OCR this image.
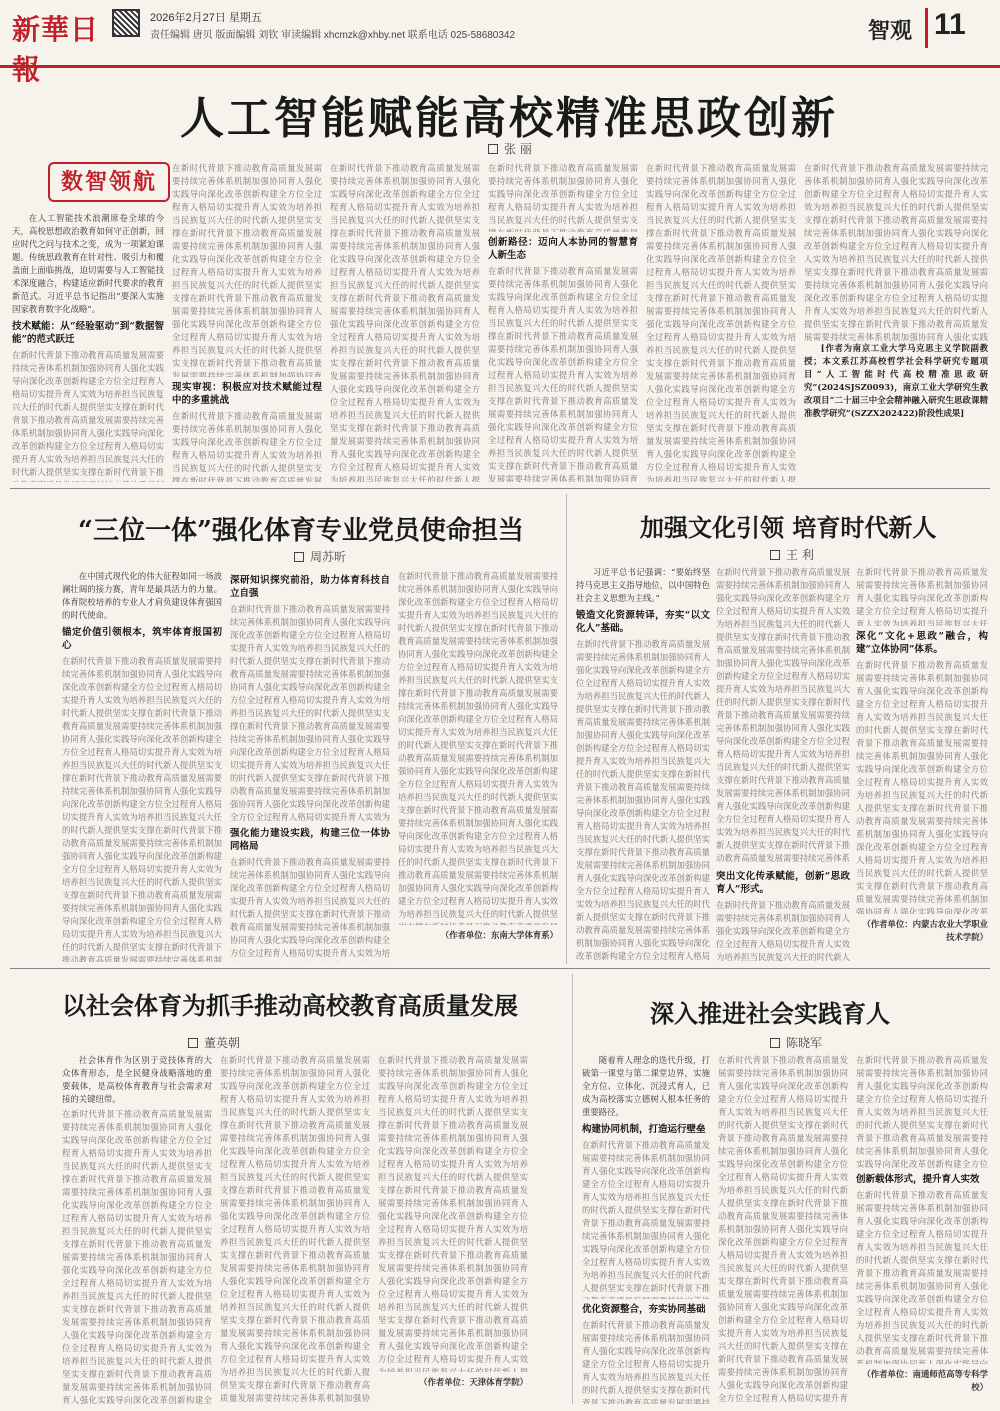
新華日報
2026年2月27日 星期五
责任编辑 唐贝 版面编辑 刘钦 审读编辑 xhcmzk@xhby.net 联系电话 025-58680342	智观 11
人工智能赋能高校精准思政创新
张 丽
数智领航

在人工智能技术浪潮席卷全球的今天，高校思想政治教育如何守正创新，回应时代之问与技术之变，成为一项紧迫课题。传统思政教育在针对性、吸引力和覆盖面上面临挑战，迫切需要与人工智能技术深度融合，构建适应新时代要求的教育新范式。习近平总书记指出“要深入实施国家教育数字化战略”。

技术赋能：从“经验驱动”到“数据智能”的范式跃迁
在新时代背景下推动教育高质量发展需要持续完善体系机制加强协同育人强化实践导向深化改革创新构建全方位全过程育人格局切实提升育人实效为培养担当民族复兴大任的时代新人提供坚实支撑在新时代背景下推动教育高质量发展需要持续完善体系机制加强协同育人强化实践导向深化改革创新构建全方位全过程育人格局切实提升育人实效为培养担当民族复兴大任的时代新人提供坚实支撑在新时代背景下推动教育高质量发展需要持续完善体系机制加强协同育人强化实践导向深化改革创新构建全方位全过程育人格局切实提升育人实效为培养担当民族复兴大任的时代新人提供坚实支撑在新时代背景下推动教育高质量发展需要持续完善体系机制加强协同育人强化实践导向深化改革创新构建全方位全过程育人格局切实提升育人实效为培养担当民族复兴大任的时代新人提供坚实支撑在新时代背景下推动教育高质量发展需要持续完善体系机制加强协同育人强化实践导向深化改革创新构建全方位全过程育人格局切实提升育人实效为培养担当民族复兴大任的时代新人提供坚实支撑在新时代背景下推动教育高质量发展需要持续完善体系机制加强协同育人强化实践导向深化改革创新构建全方位全过程育人格局切实提升育人实效为培养担当民族复兴大任的时代新人提供坚实支撑在新时代背景下推动教育高质量发展需要持续完善体系机制加强协同育人强化实践导向深化改革创新构建全方位全过程育人格局切实提升育人实效为培养担当民族复兴大任的时代新人提供坚实支撑在新时代背景下推动教育高质量发展需要持续完善体系机制加强协同育人强化实践导向深化改革创新构建全方位全过程育人格局切实提升育人实效为培养担当民族复兴大任的时代新人提供坚实支撑在新时代背景下推动教育高质量发展需要持续完善体系机制加强协同育人强化实践导向深化改革创新构建全方位全过程育人格局切实提升育人实效为培养担当民族复兴大任的时代新人提供坚实支撑在新时代背景下推动教育高质量发展需要持续完善体系机制加强协同育人强化实践导向深化改革创新构建全方位全过程育人格局切实提升育人实效为培养担当民族复兴大任的时代新人提供坚实支撑
在新时代背景下推动教育高质量发展需要持续完善体系机制加强协同育人强化实践导向深化改革创新构建全方位全过程育人格局切实提升育人实效为培养担当民族复兴大任的时代新人提供坚实支撑在新时代背景下推动教育高质量发展需要持续完善体系机制加强协同育人强化实践导向深化改革创新构建全方位全过程育人格局切实提升育人实效为培养担当民族复兴大任的时代新人提供坚实支撑在新时代背景下推动教育高质量发展需要持续完善体系机制加强协同育人强化实践导向深化改革创新构建全方位全过程育人格局切实提升育人实效为培养担当民族复兴大任的时代新人提供坚实支撑在新时代背景下推动教育高质量发展需要持续完善体系机制加强协同育人强化实践导向深化改革创新构建全方位全过程育人格局切实提升育人实效为培养担当民族复兴大任的时代新人提供坚实支撑在新时代背景下推动教育高质量发展需要持续完善体系机制加强协同育人强化实践导向深化改革创新构建全方位全过程育人格局切实提升育人实效为培养担当民族复兴大任的时代新人提供坚实支撑在新时代背景下推动教育高质量发展需要持续完善体系机制加强协同育人强化实践导向深化改革创新构建全方位全过程育人格局切实提升育人实效为培养担当民族复兴大任的时代新人提供坚实支撑在新时代背景下推动教育高质量发展需要持续完善体系机制加强协同育人强化实践导向深化改革创新构建全方位全过程育人格局切实提升育人实效为培养担当民族复兴大任的时代新人提供坚实支撑在新时代背景下推动教育高质量发展需要持续完善体系机制加强协同育人强化实践导向深化改革创新构建全方位全过程育人格局切实提升育人实效为培养担当民族复兴大任的时代新人提供坚实支撑在新时代背景下推动教育高质量发展需要持续完善体系机制加强协同育人强化实践导向深化改革创新构建全方位全过程育人格局切实提升育人实效为培养担当民族复兴大任的时代新人提供坚实支撑在新时代背景下推动教育高质量发展需要持续完善体系机制加强协同育人强化实践导向深化改革创新构建全方位全过程育人格局切实提升育人实效为培养担当民族复兴大任的时代新人提供坚实支撑
现实审视：积极应对技术赋能过程中的多重挑战
在新时代背景下推动教育高质量发展需要持续完善体系机制加强协同育人强化实践导向深化改革创新构建全方位全过程育人格局切实提升育人实效为培养担当民族复兴大任的时代新人提供坚实支撑在新时代背景下推动教育高质量发展需要持续完善体系机制加强协同育人强化实践导向深化改革创新构建全方位全过程育人格局切实提升育人实效为培养担当民族复兴大任的时代新人提供坚实支撑在新时代背景下推动教育高质量发展需要持续完善体系机制加强协同育人强化实践导向深化改革创新构建全方位全过程育人格局切实提升育人实效为培养担当民族复兴大任的时代新人提供坚实支撑在新时代背景下推动教育高质量发展需要持续完善体系机制加强协同育人强化实践导向深化改革创新构建全方位全过程育人格局切实提升育人实效为培养担当民族复兴大任的时代新人提供坚实支撑在新时代背景下推动教育高质量发展需要持续完善体系机制加强协同育人强化实践导向深化改革创新构建全方位全过程育人格局切实提升育人实效为培养担当民族复兴大任的时代新人提供坚实支撑在新时代背景下推动教育高质量发展需要持续完善体系机制加强协同育人强化实践导向深化改革创新构建全方位全过程育人格局切实提升育人实效为培养担当民族复兴大任的时代新人提供坚实支撑在新时代背景下推动教育高质量发展需要持续完善体系机制加强协同育人强化实践导向深化改革创新构建全方位全过程育人格局切实提升育人实效为培养担当民族复兴大任的时代新人提供坚实支撑在新时代背景下推动教育高质量发展需要持续完善体系机制加强协同育人强化实践导向深化改革创新构建全方位全过程育人格局切实提升育人实效为培养担当民族复兴大任的时代新人提供坚实支撑在新时代背景下推动教育高质量发展需要持续完善体系机制加强协同育人强化实践导向深化改革创新构建全方位全过程育人格局切实提升育人实效为培养担当民族复兴大任的时代新人提供坚实支撑在新时代背景下推动教育高质量发展需要持续完善体系机制加强协同育人强化实践导向深化改革创新构建全方位全过程育人格局切实提升育人实效为培养担当民族复兴大任的时代新人提供坚实支撑
在新时代背景下推动教育高质量发展需要持续完善体系机制加强协同育人强化实践导向深化改革创新构建全方位全过程育人格局切实提升育人实效为培养担当民族复兴大任的时代新人提供坚实支撑在新时代背景下推动教育高质量发展需要持续完善体系机制加强协同育人强化实践导向深化改革创新构建全方位全过程育人格局切实提升育人实效为培养担当民族复兴大任的时代新人提供坚实支撑在新时代背景下推动教育高质量发展需要持续完善体系机制加强协同育人强化实践导向深化改革创新构建全方位全过程育人格局切实提升育人实效为培养担当民族复兴大任的时代新人提供坚实支撑在新时代背景下推动教育高质量发展需要持续完善体系机制加强协同育人强化实践导向深化改革创新构建全方位全过程育人格局切实提升育人实效为培养担当民族复兴大任的时代新人提供坚实支撑在新时代背景下推动教育高质量发展需要持续完善体系机制加强协同育人强化实践导向深化改革创新构建全方位全过程育人格局切实提升育人实效为培养担当民族复兴大任的时代新人提供坚实支撑在新时代背景下推动教育高质量发展需要持续完善体系机制加强协同育人强化实践导向深化改革创新构建全方位全过程育人格局切实提升育人实效为培养担当民族复兴大任的时代新人提供坚实支撑在新时代背景下推动教育高质量发展需要持续完善体系机制加强协同育人强化实践导向深化改革创新构建全方位全过程育人格局切实提升育人实效为培养担当民族复兴大任的时代新人提供坚实支撑在新时代背景下推动教育高质量发展需要持续完善体系机制加强协同育人强化实践导向深化改革创新构建全方位全过程育人格局切实提升育人实效为培养担当民族复兴大任的时代新人提供坚实支撑在新时代背景下推动教育高质量发展需要持续完善体系机制加强协同育人强化实践导向深化改革创新构建全方位全过程育人格局切实提升育人实效为培养担当民族复兴大任的时代新人提供坚实支撑在新时代背景下推动教育高质量发展需要持续完善体系机制加强协同育人强化实践导向深化改革创新构建全方位全过程育人格局切实提升育人实效为培养担当民族复兴大任的时代新人提供坚实支撑
在新时代背景下推动教育高质量发展需要持续完善体系机制加强协同育人强化实践导向深化改革创新构建全方位全过程育人格局切实提升育人实效为培养担当民族复兴大任的时代新人提供坚实支撑在新时代背景下推动教育高质量发展需要持续完善体系机制加强协同育人强化实践导向深化改革创新构建全方位全过程育人格局切实提升育人实效为培养担当民族复兴大任的时代新人提供坚实支撑在新时代背景下推动教育高质量发展需要持续完善体系机制加强协同育人强化实践导向深化改革创新构建全方位全过程育人格局切实提升育人实效为培养担当民族复兴大任的时代新人提供坚实支撑在新时代背景下推动教育高质量发展需要持续完善体系机制加强协同育人强化实践导向深化改革创新构建全方位全过程育人格局切实提升育人实效为培养担当民族复兴大任的时代新人提供坚实支撑在新时代背景下推动教育高质量发展需要持续完善体系机制加强协同育人强化实践导向深化改革创新构建全方位全过程育人格局切实提升育人实效为培养担当民族复兴大任的时代新人提供坚实支撑在新时代背景下推动教育高质量发展需要持续完善体系机制加强协同育人强化实践导向深化改革创新构建全方位全过程育人格局切实提升育人实效为培养担当民族复兴大任的时代新人提供坚实支撑在新时代背景下推动教育高质量发展需要持续完善体系机制加强协同育人强化实践导向深化改革创新构建全方位全过程育人格局切实提升育人实效为培养担当民族复兴大任的时代新人提供坚实支撑在新时代背景下推动教育高质量发展需要持续完善体系机制加强协同育人强化实践导向深化改革创新构建全方位全过程育人格局切实提升育人实效为培养担当民族复兴大任的时代新人提供坚实支撑在新时代背景下推动教育高质量发展需要持续完善体系机制加强协同育人强化实践导向深化改革创新构建全方位全过程育人格局切实提升育人实效为培养担当民族复兴大任的时代新人提供坚实支撑在新时代背景下推动教育高质量发展需要持续完善体系机制加强协同育人强化实践导向深化改革创新构建全方位全过程育人格局切实提升育人实效为培养担当民族复兴大任的时代新人提供坚实支撑
创新路径：迈向人本协同的智慧育人新生态
在新时代背景下推动教育高质量发展需要持续完善体系机制加强协同育人强化实践导向深化改革创新构建全方位全过程育人格局切实提升育人实效为培养担当民族复兴大任的时代新人提供坚实支撑在新时代背景下推动教育高质量发展需要持续完善体系机制加强协同育人强化实践导向深化改革创新构建全方位全过程育人格局切实提升育人实效为培养担当民族复兴大任的时代新人提供坚实支撑在新时代背景下推动教育高质量发展需要持续完善体系机制加强协同育人强化实践导向深化改革创新构建全方位全过程育人格局切实提升育人实效为培养担当民族复兴大任的时代新人提供坚实支撑在新时代背景下推动教育高质量发展需要持续完善体系机制加强协同育人强化实践导向深化改革创新构建全方位全过程育人格局切实提升育人实效为培养担当民族复兴大任的时代新人提供坚实支撑在新时代背景下推动教育高质量发展需要持续完善体系机制加强协同育人强化实践导向深化改革创新构建全方位全过程育人格局切实提升育人实效为培养担当民族复兴大任的时代新人提供坚实支撑在新时代背景下推动教育高质量发展需要持续完善体系机制加强协同育人强化实践导向深化改革创新构建全方位全过程育人格局切实提升育人实效为培养担当民族复兴大任的时代新人提供坚实支撑在新时代背景下推动教育高质量发展需要持续完善体系机制加强协同育人强化实践导向深化改革创新构建全方位全过程育人格局切实提升育人实效为培养担当民族复兴大任的时代新人提供坚实支撑在新时代背景下推动教育高质量发展需要持续完善体系机制加强协同育人强化实践导向深化改革创新构建全方位全过程育人格局切实提升育人实效为培养担当民族复兴大任的时代新人提供坚实支撑在新时代背景下推动教育高质量发展需要持续完善体系机制加强协同育人强化实践导向深化改革创新构建全方位全过程育人格局切实提升育人实效为培养担当民族复兴大任的时代新人提供坚实支撑在新时代背景下推动教育高质量发展需要持续完善体系机制加强协同育人强化实践导向深化改革创新构建全方位全过程育人格局切实提升育人实效为培养担当民族复兴大任的时代新人提供坚实支撑
在新时代背景下推动教育高质量发展需要持续完善体系机制加强协同育人强化实践导向深化改革创新构建全方位全过程育人格局切实提升育人实效为培养担当民族复兴大任的时代新人提供坚实支撑在新时代背景下推动教育高质量发展需要持续完善体系机制加强协同育人强化实践导向深化改革创新构建全方位全过程育人格局切实提升育人实效为培养担当民族复兴大任的时代新人提供坚实支撑在新时代背景下推动教育高质量发展需要持续完善体系机制加强协同育人强化实践导向深化改革创新构建全方位全过程育人格局切实提升育人实效为培养担当民族复兴大任的时代新人提供坚实支撑在新时代背景下推动教育高质量发展需要持续完善体系机制加强协同育人强化实践导向深化改革创新构建全方位全过程育人格局切实提升育人实效为培养担当民族复兴大任的时代新人提供坚实支撑在新时代背景下推动教育高质量发展需要持续完善体系机制加强协同育人强化实践导向深化改革创新构建全方位全过程育人格局切实提升育人实效为培养担当民族复兴大任的时代新人提供坚实支撑在新时代背景下推动教育高质量发展需要持续完善体系机制加强协同育人强化实践导向深化改革创新构建全方位全过程育人格局切实提升育人实效为培养担当民族复兴大任的时代新人提供坚实支撑在新时代背景下推动教育高质量发展需要持续完善体系机制加强协同育人强化实践导向深化改革创新构建全方位全过程育人格局切实提升育人实效为培养担当民族复兴大任的时代新人提供坚实支撑在新时代背景下推动教育高质量发展需要持续完善体系机制加强协同育人强化实践导向深化改革创新构建全方位全过程育人格局切实提升育人实效为培养担当民族复兴大任的时代新人提供坚实支撑在新时代背景下推动教育高质量发展需要持续完善体系机制加强协同育人强化实践导向深化改革创新构建全方位全过程育人格局切实提升育人实效为培养担当民族复兴大任的时代新人提供坚实支撑在新时代背景下推动教育高质量发展需要持续完善体系机制加强协同育人强化实践导向深化改革创新构建全方位全过程育人格局切实提升育人实效为培养担当民族复兴大任的时代新人提供坚实支撑
在新时代背景下推动教育高质量发展需要持续完善体系机制加强协同育人强化实践导向深化改革创新构建全方位全过程育人格局切实提升育人实效为培养担当民族复兴大任的时代新人提供坚实支撑在新时代背景下推动教育高质量发展需要持续完善体系机制加强协同育人强化实践导向深化改革创新构建全方位全过程育人格局切实提升育人实效为培养担当民族复兴大任的时代新人提供坚实支撑在新时代背景下推动教育高质量发展需要持续完善体系机制加强协同育人强化实践导向深化改革创新构建全方位全过程育人格局切实提升育人实效为培养担当民族复兴大任的时代新人提供坚实支撑在新时代背景下推动教育高质量发展需要持续完善体系机制加强协同育人强化实践导向深化改革创新构建全方位全过程育人格局切实提升育人实效为培养担当民族复兴大任的时代新人提供坚实支撑在新时代背景下推动教育高质量发展需要持续完善体系机制加强协同育人强化实践导向深化改革创新构建全方位全过程育人格局切实提升育人实效为培养担当民族复兴大任的时代新人提供坚实支撑在新时代背景下推动教育高质量发展需要持续完善体系机制加强协同育人强化实践导向深化改革创新构建全方位全过程育人格局切实提升育人实效为培养担当民族复兴大任的时代新人提供坚实支撑在新时代背景下推动教育高质量发展需要持续完善体系机制加强协同育人强化实践导向深化改革创新构建全方位全过程育人格局切实提升育人实效为培养担当民族复兴大任的时代新人提供坚实支撑在新时代背景下推动教育高质量发展需要持续完善体系机制加强协同育人强化实践导向深化改革创新构建全方位全过程育人格局切实提升育人实效为培养担当民族复兴大任的时代新人提供坚实支撑在新时代背景下推动教育高质量发展需要持续完善体系机制加强协同育人强化实践导向深化改革创新构建全方位全过程育人格局切实提升育人实效为培养担当民族复兴大任的时代新人提供坚实支撑在新时代背景下推动教育高质量发展需要持续完善体系机制加强协同育人强化实践导向深化改革创新构建全方位全过程育人格局切实提升育人实效为培养担当民族复兴大任的时代新人提供坚实支撑

[作者为南京工业大学马克思主义学院副教授；本文系江苏高校哲学社会科学研究专题项目“人工智能时代高校精准思政研究”(2024SJSZ0093)，南京工业大学研究生教改项目“二十届三中全会精神融入研究生思政课精准教学研究”(SZZX202422)阶段性成果]

“三位一体”强化体育专业党员使命担当
周苏昕

在中国式现代化的伟大征程如同一场波澜壮阔的接力赛，青年是最具活力的力量。体育院校培养的专业人才肩负建设体育强国的时代使命。

锚定价值引领根本，筑牢体育报国初心
在新时代背景下推动教育高质量发展需要持续完善体系机制加强协同育人强化实践导向深化改革创新构建全方位全过程育人格局切实提升育人实效为培养担当民族复兴大任的时代新人提供坚实支撑在新时代背景下推动教育高质量发展需要持续完善体系机制加强协同育人强化实践导向深化改革创新构建全方位全过程育人格局切实提升育人实效为培养担当民族复兴大任的时代新人提供坚实支撑在新时代背景下推动教育高质量发展需要持续完善体系机制加强协同育人强化实践导向深化改革创新构建全方位全过程育人格局切实提升育人实效为培养担当民族复兴大任的时代新人提供坚实支撑在新时代背景下推动教育高质量发展需要持续完善体系机制加强协同育人强化实践导向深化改革创新构建全方位全过程育人格局切实提升育人实效为培养担当民族复兴大任的时代新人提供坚实支撑在新时代背景下推动教育高质量发展需要持续完善体系机制加强协同育人强化实践导向深化改革创新构建全方位全过程育人格局切实提升育人实效为培养担当民族复兴大任的时代新人提供坚实支撑在新时代背景下推动教育高质量发展需要持续完善体系机制加强协同育人强化实践导向深化改革创新构建全方位全过程育人格局切实提升育人实效为培养担当民族复兴大任的时代新人提供坚实支撑在新时代背景下推动教育高质量发展需要持续完善体系机制加强协同育人强化实践导向深化改革创新构建全方位全过程育人格局切实提升育人实效为培养担当民族复兴大任的时代新人提供坚实支撑在新时代背景下推动教育高质量发展需要持续完善体系机制加强协同育人强化实践导向深化改革创新构建全方位全过程育人格局切实提升育人实效为培养担当民族复兴大任的时代新人提供坚实支撑在新时代背景下推动教育高质量发展需要持续完善体系机制加强协同育人强化实践导向深化改革创新构建全方位全过程育人格局切实提升育人实效为培养担当民族复兴大任的时代新人提供坚实支撑在新时代背景下推动教育高质量发展需要持续完善体系机制加强协同育人强化实践导向深化改革创新构建全方位全过程育人格局切实提升育人实效为培养担当民族复兴大任的时代新人提供坚实支撑
深研知识探究前沿，助力体育科技自立自强
在新时代背景下推动教育高质量发展需要持续完善体系机制加强协同育人强化实践导向深化改革创新构建全方位全过程育人格局切实提升育人实效为培养担当民族复兴大任的时代新人提供坚实支撑在新时代背景下推动教育高质量发展需要持续完善体系机制加强协同育人强化实践导向深化改革创新构建全方位全过程育人格局切实提升育人实效为培养担当民族复兴大任的时代新人提供坚实支撑在新时代背景下推动教育高质量发展需要持续完善体系机制加强协同育人强化实践导向深化改革创新构建全方位全过程育人格局切实提升育人实效为培养担当民族复兴大任的时代新人提供坚实支撑在新时代背景下推动教育高质量发展需要持续完善体系机制加强协同育人强化实践导向深化改革创新构建全方位全过程育人格局切实提升育人实效为培养担当民族复兴大任的时代新人提供坚实支撑在新时代背景下推动教育高质量发展需要持续完善体系机制加强协同育人强化实践导向深化改革创新构建全方位全过程育人格局切实提升育人实效为培养担当民族复兴大任的时代新人提供坚实支撑在新时代背景下推动教育高质量发展需要持续完善体系机制加强协同育人强化实践导向深化改革创新构建全方位全过程育人格局切实提升育人实效为培养担当民族复兴大任的时代新人提供坚实支撑在新时代背景下推动教育高质量发展需要持续完善体系机制加强协同育人强化实践导向深化改革创新构建全方位全过程育人格局切实提升育人实效为培养担当民族复兴大任的时代新人提供坚实支撑在新时代背景下推动教育高质量发展需要持续完善体系机制加强协同育人强化实践导向深化改革创新构建全方位全过程育人格局切实提升育人实效为培养担当民族复兴大任的时代新人提供坚实支撑在新时代背景下推动教育高质量发展需要持续完善体系机制加强协同育人强化实践导向深化改革创新构建全方位全过程育人格局切实提升育人实效为培养担当民族复兴大任的时代新人提供坚实支撑在新时代背景下推动教育高质量发展需要持续完善体系机制加强协同育人强化实践导向深化改革创新构建全方位全过程育人格局切实提升育人实效为培养担当民族复兴大任的时代新人提供坚实支撑
强化能力建设实践，构建三位一体协同格局
在新时代背景下推动教育高质量发展需要持续完善体系机制加强协同育人强化实践导向深化改革创新构建全方位全过程育人格局切实提升育人实效为培养担当民族复兴大任的时代新人提供坚实支撑在新时代背景下推动教育高质量发展需要持续完善体系机制加强协同育人强化实践导向深化改革创新构建全方位全过程育人格局切实提升育人实效为培养担当民族复兴大任的时代新人提供坚实支撑在新时代背景下推动教育高质量发展需要持续完善体系机制加强协同育人强化实践导向深化改革创新构建全方位全过程育人格局切实提升育人实效为培养担当民族复兴大任的时代新人提供坚实支撑在新时代背景下推动教育高质量发展需要持续完善体系机制加强协同育人强化实践导向深化改革创新构建全方位全过程育人格局切实提升育人实效为培养担当民族复兴大任的时代新人提供坚实支撑在新时代背景下推动教育高质量发展需要持续完善体系机制加强协同育人强化实践导向深化改革创新构建全方位全过程育人格局切实提升育人实效为培养担当民族复兴大任的时代新人提供坚实支撑在新时代背景下推动教育高质量发展需要持续完善体系机制加强协同育人强化实践导向深化改革创新构建全方位全过程育人格局切实提升育人实效为培养担当民族复兴大任的时代新人提供坚实支撑在新时代背景下推动教育高质量发展需要持续完善体系机制加强协同育人强化实践导向深化改革创新构建全方位全过程育人格局切实提升育人实效为培养担当民族复兴大任的时代新人提供坚实支撑在新时代背景下推动教育高质量发展需要持续完善体系机制加强协同育人强化实践导向深化改革创新构建全方位全过程育人格局切实提升育人实效为培养担当民族复兴大任的时代新人提供坚实支撑在新时代背景下推动教育高质量发展需要持续完善体系机制加强协同育人强化实践导向深化改革创新构建全方位全过程育人格局切实提升育人实效为培养担当民族复兴大任的时代新人提供坚实支撑在新时代背景下推动教育高质量发展需要持续完善体系机制加强协同育人强化实践导向深化改革创新构建全方位全过程育人格局切实提升育人实效为培养担当民族复兴大任的时代新人提供坚实支撑
在新时代背景下推动教育高质量发展需要持续完善体系机制加强协同育人强化实践导向深化改革创新构建全方位全过程育人格局切实提升育人实效为培养担当民族复兴大任的时代新人提供坚实支撑在新时代背景下推动教育高质量发展需要持续完善体系机制加强协同育人强化实践导向深化改革创新构建全方位全过程育人格局切实提升育人实效为培养担当民族复兴大任的时代新人提供坚实支撑在新时代背景下推动教育高质量发展需要持续完善体系机制加强协同育人强化实践导向深化改革创新构建全方位全过程育人格局切实提升育人实效为培养担当民族复兴大任的时代新人提供坚实支撑在新时代背景下推动教育高质量发展需要持续完善体系机制加强协同育人强化实践导向深化改革创新构建全方位全过程育人格局切实提升育人实效为培养担当民族复兴大任的时代新人提供坚实支撑在新时代背景下推动教育高质量发展需要持续完善体系机制加强协同育人强化实践导向深化改革创新构建全方位全过程育人格局切实提升育人实效为培养担当民族复兴大任的时代新人提供坚实支撑在新时代背景下推动教育高质量发展需要持续完善体系机制加强协同育人强化实践导向深化改革创新构建全方位全过程育人格局切实提升育人实效为培养担当民族复兴大任的时代新人提供坚实支撑在新时代背景下推动教育高质量发展需要持续完善体系机制加强协同育人强化实践导向深化改革创新构建全方位全过程育人格局切实提升育人实效为培养担当民族复兴大任的时代新人提供坚实支撑在新时代背景下推动教育高质量发展需要持续完善体系机制加强协同育人强化实践导向深化改革创新构建全方位全过程育人格局切实提升育人实效为培养担当民族复兴大任的时代新人提供坚实支撑在新时代背景下推动教育高质量发展需要持续完善体系机制加强协同育人强化实践导向深化改革创新构建全方位全过程育人格局切实提升育人实效为培养担当民族复兴大任的时代新人提供坚实支撑在新时代背景下推动教育高质量发展需要持续完善体系机制加强协同育人强化实践导向深化改革创新构建全方位全过程育人格局切实提升育人实效为培养担当民族复兴大任的时代新人提供坚实支撑

（作者单位：东南大学体育系）

加强文化引领 培育时代新人
王 利

习近平总书记强调：“要始终坚持马克思主义指导地位，以中国特色社会主义思想为主线。”

锻造文化资源转译，夯实“以文化人”基础。
在新时代背景下推动教育高质量发展需要持续完善体系机制加强协同育人强化实践导向深化改革创新构建全方位全过程育人格局切实提升育人实效为培养担当民族复兴大任的时代新人提供坚实支撑在新时代背景下推动教育高质量发展需要持续完善体系机制加强协同育人强化实践导向深化改革创新构建全方位全过程育人格局切实提升育人实效为培养担当民族复兴大任的时代新人提供坚实支撑在新时代背景下推动教育高质量发展需要持续完善体系机制加强协同育人强化实践导向深化改革创新构建全方位全过程育人格局切实提升育人实效为培养担当民族复兴大任的时代新人提供坚实支撑在新时代背景下推动教育高质量发展需要持续完善体系机制加强协同育人强化实践导向深化改革创新构建全方位全过程育人格局切实提升育人实效为培养担当民族复兴大任的时代新人提供坚实支撑在新时代背景下推动教育高质量发展需要持续完善体系机制加强协同育人强化实践导向深化改革创新构建全方位全过程育人格局切实提升育人实效为培养担当民族复兴大任的时代新人提供坚实支撑在新时代背景下推动教育高质量发展需要持续完善体系机制加强协同育人强化实践导向深化改革创新构建全方位全过程育人格局切实提升育人实效为培养担当民族复兴大任的时代新人提供坚实支撑在新时代背景下推动教育高质量发展需要持续完善体系机制加强协同育人强化实践导向深化改革创新构建全方位全过程育人格局切实提升育人实效为培养担当民族复兴大任的时代新人提供坚实支撑在新时代背景下推动教育高质量发展需要持续完善体系机制加强协同育人强化实践导向深化改革创新构建全方位全过程育人格局切实提升育人实效为培养担当民族复兴大任的时代新人提供坚实支撑在新时代背景下推动教育高质量发展需要持续完善体系机制加强协同育人强化实践导向深化改革创新构建全方位全过程育人格局切实提升育人实效为培养担当民族复兴大任的时代新人提供坚实支撑在新时代背景下推动教育高质量发展需要持续完善体系机制加强协同育人强化实践导向深化改革创新构建全方位全过程育人格局切实提升育人实效为培养担当民族复兴大任的时代新人提供坚实支撑
在新时代背景下推动教育高质量发展需要持续完善体系机制加强协同育人强化实践导向深化改革创新构建全方位全过程育人格局切实提升育人实效为培养担当民族复兴大任的时代新人提供坚实支撑在新时代背景下推动教育高质量发展需要持续完善体系机制加强协同育人强化实践导向深化改革创新构建全方位全过程育人格局切实提升育人实效为培养担当民族复兴大任的时代新人提供坚实支撑在新时代背景下推动教育高质量发展需要持续完善体系机制加强协同育人强化实践导向深化改革创新构建全方位全过程育人格局切实提升育人实效为培养担当民族复兴大任的时代新人提供坚实支撑在新时代背景下推动教育高质量发展需要持续完善体系机制加强协同育人强化实践导向深化改革创新构建全方位全过程育人格局切实提升育人实效为培养担当民族复兴大任的时代新人提供坚实支撑在新时代背景下推动教育高质量发展需要持续完善体系机制加强协同育人强化实践导向深化改革创新构建全方位全过程育人格局切实提升育人实效为培养担当民族复兴大任的时代新人提供坚实支撑在新时代背景下推动教育高质量发展需要持续完善体系机制加强协同育人强化实践导向深化改革创新构建全方位全过程育人格局切实提升育人实效为培养担当民族复兴大任的时代新人提供坚实支撑在新时代背景下推动教育高质量发展需要持续完善体系机制加强协同育人强化实践导向深化改革创新构建全方位全过程育人格局切实提升育人实效为培养担当民族复兴大任的时代新人提供坚实支撑在新时代背景下推动教育高质量发展需要持续完善体系机制加强协同育人强化实践导向深化改革创新构建全方位全过程育人格局切实提升育人实效为培养担当民族复兴大任的时代新人提供坚实支撑在新时代背景下推动教育高质量发展需要持续完善体系机制加强协同育人强化实践导向深化改革创新构建全方位全过程育人格局切实提升育人实效为培养担当民族复兴大任的时代新人提供坚实支撑在新时代背景下推动教育高质量发展需要持续完善体系机制加强协同育人强化实践导向深化改革创新构建全方位全过程育人格局切实提升育人实效为培养担当民族复兴大任的时代新人提供坚实支撑
突出文化传承赋能，创新“思政育人”形式。
在新时代背景下推动教育高质量发展需要持续完善体系机制加强协同育人强化实践导向深化改革创新构建全方位全过程育人格局切实提升育人实效为培养担当民族复兴大任的时代新人提供坚实支撑在新时代背景下推动教育高质量发展需要持续完善体系机制加强协同育人强化实践导向深化改革创新构建全方位全过程育人格局切实提升育人实效为培养担当民族复兴大任的时代新人提供坚实支撑在新时代背景下推动教育高质量发展需要持续完善体系机制加强协同育人强化实践导向深化改革创新构建全方位全过程育人格局切实提升育人实效为培养担当民族复兴大任的时代新人提供坚实支撑在新时代背景下推动教育高质量发展需要持续完善体系机制加强协同育人强化实践导向深化改革创新构建全方位全过程育人格局切实提升育人实效为培养担当民族复兴大任的时代新人提供坚实支撑在新时代背景下推动教育高质量发展需要持续完善体系机制加强协同育人强化实践导向深化改革创新构建全方位全过程育人格局切实提升育人实效为培养担当民族复兴大任的时代新人提供坚实支撑在新时代背景下推动教育高质量发展需要持续完善体系机制加强协同育人强化实践导向深化改革创新构建全方位全过程育人格局切实提升育人实效为培养担当民族复兴大任的时代新人提供坚实支撑在新时代背景下推动教育高质量发展需要持续完善体系机制加强协同育人强化实践导向深化改革创新构建全方位全过程育人格局切实提升育人实效为培养担当民族复兴大任的时代新人提供坚实支撑在新时代背景下推动教育高质量发展需要持续完善体系机制加强协同育人强化实践导向深化改革创新构建全方位全过程育人格局切实提升育人实效为培养担当民族复兴大任的时代新人提供坚实支撑在新时代背景下推动教育高质量发展需要持续完善体系机制加强协同育人强化实践导向深化改革创新构建全方位全过程育人格局切实提升育人实效为培养担当民族复兴大任的时代新人提供坚实支撑在新时代背景下推动教育高质量发展需要持续完善体系机制加强协同育人强化实践导向深化改革创新构建全方位全过程育人格局切实提升育人实效为培养担当民族复兴大任的时代新人提供坚实支撑
在新时代背景下推动教育高质量发展需要持续完善体系机制加强协同育人强化实践导向深化改革创新构建全方位全过程育人格局切实提升育人实效为培养担当民族复兴大任的时代新人提供坚实支撑在新时代背景下推动教育高质量发展需要持续完善体系机制加强协同育人强化实践导向深化改革创新构建全方位全过程育人格局切实提升育人实效为培养担当民族复兴大任的时代新人提供坚实支撑在新时代背景下推动教育高质量发展需要持续完善体系机制加强协同育人强化实践导向深化改革创新构建全方位全过程育人格局切实提升育人实效为培养担当民族复兴大任的时代新人提供坚实支撑在新时代背景下推动教育高质量发展需要持续完善体系机制加强协同育人强化实践导向深化改革创新构建全方位全过程育人格局切实提升育人实效为培养担当民族复兴大任的时代新人提供坚实支撑在新时代背景下推动教育高质量发展需要持续完善体系机制加强协同育人强化实践导向深化改革创新构建全方位全过程育人格局切实提升育人实效为培养担当民族复兴大任的时代新人提供坚实支撑在新时代背景下推动教育高质量发展需要持续完善体系机制加强协同育人强化实践导向深化改革创新构建全方位全过程育人格局切实提升育人实效为培养担当民族复兴大任的时代新人提供坚实支撑在新时代背景下推动教育高质量发展需要持续完善体系机制加强协同育人强化实践导向深化改革创新构建全方位全过程育人格局切实提升育人实效为培养担当民族复兴大任的时代新人提供坚实支撑在新时代背景下推动教育高质量发展需要持续完善体系机制加强协同育人强化实践导向深化改革创新构建全方位全过程育人格局切实提升育人实效为培养担当民族复兴大任的时代新人提供坚实支撑在新时代背景下推动教育高质量发展需要持续完善体系机制加强协同育人强化实践导向深化改革创新构建全方位全过程育人格局切实提升育人实效为培养担当民族复兴大任的时代新人提供坚实支撑在新时代背景下推动教育高质量发展需要持续完善体系机制加强协同育人强化实践导向深化改革创新构建全方位全过程育人格局切实提升育人实效为培养担当民族复兴大任的时代新人提供坚实支撑
深化“文化+思政”融合，构建“立体协同”体系。
在新时代背景下推动教育高质量发展需要持续完善体系机制加强协同育人强化实践导向深化改革创新构建全方位全过程育人格局切实提升育人实效为培养担当民族复兴大任的时代新人提供坚实支撑在新时代背景下推动教育高质量发展需要持续完善体系机制加强协同育人强化实践导向深化改革创新构建全方位全过程育人格局切实提升育人实效为培养担当民族复兴大任的时代新人提供坚实支撑在新时代背景下推动教育高质量发展需要持续完善体系机制加强协同育人强化实践导向深化改革创新构建全方位全过程育人格局切实提升育人实效为培养担当民族复兴大任的时代新人提供坚实支撑在新时代背景下推动教育高质量发展需要持续完善体系机制加强协同育人强化实践导向深化改革创新构建全方位全过程育人格局切实提升育人实效为培养担当民族复兴大任的时代新人提供坚实支撑在新时代背景下推动教育高质量发展需要持续完善体系机制加强协同育人强化实践导向深化改革创新构建全方位全过程育人格局切实提升育人实效为培养担当民族复兴大任的时代新人提供坚实支撑在新时代背景下推动教育高质量发展需要持续完善体系机制加强协同育人强化实践导向深化改革创新构建全方位全过程育人格局切实提升育人实效为培养担当民族复兴大任的时代新人提供坚实支撑在新时代背景下推动教育高质量发展需要持续完善体系机制加强协同育人强化实践导向深化改革创新构建全方位全过程育人格局切实提升育人实效为培养担当民族复兴大任的时代新人提供坚实支撑在新时代背景下推动教育高质量发展需要持续完善体系机制加强协同育人强化实践导向深化改革创新构建全方位全过程育人格局切实提升育人实效为培养担当民族复兴大任的时代新人提供坚实支撑在新时代背景下推动教育高质量发展需要持续完善体系机制加强协同育人强化实践导向深化改革创新构建全方位全过程育人格局切实提升育人实效为培养担当民族复兴大任的时代新人提供坚实支撑在新时代背景下推动教育高质量发展需要持续完善体系机制加强协同育人强化实践导向深化改革创新构建全方位全过程育人格局切实提升育人实效为培养担当民族复兴大任的时代新人提供坚实支撑

（作者单位：内蒙古农业大学职业技术学院）

以社会体育为抓手推动高校教育高质量发展
董英朝

社会体育作为区别于竞技体育的大众体育形态，是全民健身战略落地的重要载体，是高校体育教育与社会需求对接的关键纽带。

在新时代背景下推动教育高质量发展需要持续完善体系机制加强协同育人强化实践导向深化改革创新构建全方位全过程育人格局切实提升育人实效为培养担当民族复兴大任的时代新人提供坚实支撑在新时代背景下推动教育高质量发展需要持续完善体系机制加强协同育人强化实践导向深化改革创新构建全方位全过程育人格局切实提升育人实效为培养担当民族复兴大任的时代新人提供坚实支撑在新时代背景下推动教育高质量发展需要持续完善体系机制加强协同育人强化实践导向深化改革创新构建全方位全过程育人格局切实提升育人实效为培养担当民族复兴大任的时代新人提供坚实支撑在新时代背景下推动教育高质量发展需要持续完善体系机制加强协同育人强化实践导向深化改革创新构建全方位全过程育人格局切实提升育人实效为培养担当民族复兴大任的时代新人提供坚实支撑在新时代背景下推动教育高质量发展需要持续完善体系机制加强协同育人强化实践导向深化改革创新构建全方位全过程育人格局切实提升育人实效为培养担当民族复兴大任的时代新人提供坚实支撑在新时代背景下推动教育高质量发展需要持续完善体系机制加强协同育人强化实践导向深化改革创新构建全方位全过程育人格局切实提升育人实效为培养担当民族复兴大任的时代新人提供坚实支撑在新时代背景下推动教育高质量发展需要持续完善体系机制加强协同育人强化实践导向深化改革创新构建全方位全过程育人格局切实提升育人实效为培养担当民族复兴大任的时代新人提供坚实支撑在新时代背景下推动教育高质量发展需要持续完善体系机制加强协同育人强化实践导向深化改革创新构建全方位全过程育人格局切实提升育人实效为培养担当民族复兴大任的时代新人提供坚实支撑在新时代背景下推动教育高质量发展需要持续完善体系机制加强协同育人强化实践导向深化改革创新构建全方位全过程育人格局切实提升育人实效为培养担当民族复兴大任的时代新人提供坚实支撑在新时代背景下推动教育高质量发展需要持续完善体系机制加强协同育人强化实践导向深化改革创新构建全方位全过程育人格局切实提升育人实效为培养担当民族复兴大任的时代新人提供坚实支撑
在新时代背景下推动教育高质量发展需要持续完善体系机制加强协同育人强化实践导向深化改革创新构建全方位全过程育人格局切实提升育人实效为培养担当民族复兴大任的时代新人提供坚实支撑在新时代背景下推动教育高质量发展需要持续完善体系机制加强协同育人强化实践导向深化改革创新构建全方位全过程育人格局切实提升育人实效为培养担当民族复兴大任的时代新人提供坚实支撑在新时代背景下推动教育高质量发展需要持续完善体系机制加强协同育人强化实践导向深化改革创新构建全方位全过程育人格局切实提升育人实效为培养担当民族复兴大任的时代新人提供坚实支撑在新时代背景下推动教育高质量发展需要持续完善体系机制加强协同育人强化实践导向深化改革创新构建全方位全过程育人格局切实提升育人实效为培养担当民族复兴大任的时代新人提供坚实支撑在新时代背景下推动教育高质量发展需要持续完善体系机制加强协同育人强化实践导向深化改革创新构建全方位全过程育人格局切实提升育人实效为培养担当民族复兴大任的时代新人提供坚实支撑在新时代背景下推动教育高质量发展需要持续完善体系机制加强协同育人强化实践导向深化改革创新构建全方位全过程育人格局切实提升育人实效为培养担当民族复兴大任的时代新人提供坚实支撑在新时代背景下推动教育高质量发展需要持续完善体系机制加强协同育人强化实践导向深化改革创新构建全方位全过程育人格局切实提升育人实效为培养担当民族复兴大任的时代新人提供坚实支撑在新时代背景下推动教育高质量发展需要持续完善体系机制加强协同育人强化实践导向深化改革创新构建全方位全过程育人格局切实提升育人实效为培养担当民族复兴大任的时代新人提供坚实支撑在新时代背景下推动教育高质量发展需要持续完善体系机制加强协同育人强化实践导向深化改革创新构建全方位全过程育人格局切实提升育人实效为培养担当民族复兴大任的时代新人提供坚实支撑在新时代背景下推动教育高质量发展需要持续完善体系机制加强协同育人强化实践导向深化改革创新构建全方位全过程育人格局切实提升育人实效为培养担当民族复兴大任的时代新人提供坚实支撑
在新时代背景下推动教育高质量发展需要持续完善体系机制加强协同育人强化实践导向深化改革创新构建全方位全过程育人格局切实提升育人实效为培养担当民族复兴大任的时代新人提供坚实支撑在新时代背景下推动教育高质量发展需要持续完善体系机制加强协同育人强化实践导向深化改革创新构建全方位全过程育人格局切实提升育人实效为培养担当民族复兴大任的时代新人提供坚实支撑在新时代背景下推动教育高质量发展需要持续完善体系机制加强协同育人强化实践导向深化改革创新构建全方位全过程育人格局切实提升育人实效为培养担当民族复兴大任的时代新人提供坚实支撑在新时代背景下推动教育高质量发展需要持续完善体系机制加强协同育人强化实践导向深化改革创新构建全方位全过程育人格局切实提升育人实效为培养担当民族复兴大任的时代新人提供坚实支撑在新时代背景下推动教育高质量发展需要持续完善体系机制加强协同育人强化实践导向深化改革创新构建全方位全过程育人格局切实提升育人实效为培养担当民族复兴大任的时代新人提供坚实支撑在新时代背景下推动教育高质量发展需要持续完善体系机制加强协同育人强化实践导向深化改革创新构建全方位全过程育人格局切实提升育人实效为培养担当民族复兴大任的时代新人提供坚实支撑在新时代背景下推动教育高质量发展需要持续完善体系机制加强协同育人强化实践导向深化改革创新构建全方位全过程育人格局切实提升育人实效为培养担当民族复兴大任的时代新人提供坚实支撑在新时代背景下推动教育高质量发展需要持续完善体系机制加强协同育人强化实践导向深化改革创新构建全方位全过程育人格局切实提升育人实效为培养担当民族复兴大任的时代新人提供坚实支撑在新时代背景下推动教育高质量发展需要持续完善体系机制加强协同育人强化实践导向深化改革创新构建全方位全过程育人格局切实提升育人实效为培养担当民族复兴大任的时代新人提供坚实支撑在新时代背景下推动教育高质量发展需要持续完善体系机制加强协同育人强化实践导向深化改革创新构建全方位全过程育人格局切实提升育人实效为培养担当民族复兴大任的时代新人提供坚实支撑

（作者单位：天津体育学院）

深入推进社会实践育人
陈晓军

随着育人理念的迭代升级，打破第一课堂与第二课堂边界，实施全方位、立体化、沉浸式育人，已成为高校落实立德树人根本任务的重要路径。

构建协同机制，打造运行壁垒
在新时代背景下推动教育高质量发展需要持续完善体系机制加强协同育人强化实践导向深化改革创新构建全方位全过程育人格局切实提升育人实效为培养担当民族复兴大任的时代新人提供坚实支撑在新时代背景下推动教育高质量发展需要持续完善体系机制加强协同育人强化实践导向深化改革创新构建全方位全过程育人格局切实提升育人实效为培养担当民族复兴大任的时代新人提供坚实支撑在新时代背景下推动教育高质量发展需要持续完善体系机制加强协同育人强化实践导向深化改革创新构建全方位全过程育人格局切实提升育人实效为培养担当民族复兴大任的时代新人提供坚实支撑在新时代背景下推动教育高质量发展需要持续完善体系机制加强协同育人强化实践导向深化改革创新构建全方位全过程育人格局切实提升育人实效为培养担当民族复兴大任的时代新人提供坚实支撑在新时代背景下推动教育高质量发展需要持续完善体系机制加强协同育人强化实践导向深化改革创新构建全方位全过程育人格局切实提升育人实效为培养担当民族复兴大任的时代新人提供坚实支撑在新时代背景下推动教育高质量发展需要持续完善体系机制加强协同育人强化实践导向深化改革创新构建全方位全过程育人格局切实提升育人实效为培养担当民族复兴大任的时代新人提供坚实支撑在新时代背景下推动教育高质量发展需要持续完善体系机制加强协同育人强化实践导向深化改革创新构建全方位全过程育人格局切实提升育人实效为培养担当民族复兴大任的时代新人提供坚实支撑在新时代背景下推动教育高质量发展需要持续完善体系机制加强协同育人强化实践导向深化改革创新构建全方位全过程育人格局切实提升育人实效为培养担当民族复兴大任的时代新人提供坚实支撑在新时代背景下推动教育高质量发展需要持续完善体系机制加强协同育人强化实践导向深化改革创新构建全方位全过程育人格局切实提升育人实效为培养担当民族复兴大任的时代新人提供坚实支撑在新时代背景下推动教育高质量发展需要持续完善体系机制加强协同育人强化实践导向深化改革创新构建全方位全过程育人格局切实提升育人实效为培养担当民族复兴大任的时代新人提供坚实支撑
优化资源整合，夯实协同基础
在新时代背景下推动教育高质量发展需要持续完善体系机制加强协同育人强化实践导向深化改革创新构建全方位全过程育人格局切实提升育人实效为培养担当民族复兴大任的时代新人提供坚实支撑在新时代背景下推动教育高质量发展需要持续完善体系机制加强协同育人强化实践导向深化改革创新构建全方位全过程育人格局切实提升育人实效为培养担当民族复兴大任的时代新人提供坚实支撑在新时代背景下推动教育高质量发展需要持续完善体系机制加强协同育人强化实践导向深化改革创新构建全方位全过程育人格局切实提升育人实效为培养担当民族复兴大任的时代新人提供坚实支撑在新时代背景下推动教育高质量发展需要持续完善体系机制加强协同育人强化实践导向深化改革创新构建全方位全过程育人格局切实提升育人实效为培养担当民族复兴大任的时代新人提供坚实支撑在新时代背景下推动教育高质量发展需要持续完善体系机制加强协同育人强化实践导向深化改革创新构建全方位全过程育人格局切实提升育人实效为培养担当民族复兴大任的时代新人提供坚实支撑在新时代背景下推动教育高质量发展需要持续完善体系机制加强协同育人强化实践导向深化改革创新构建全方位全过程育人格局切实提升育人实效为培养担当民族复兴大任的时代新人提供坚实支撑在新时代背景下推动教育高质量发展需要持续完善体系机制加强协同育人强化实践导向深化改革创新构建全方位全过程育人格局切实提升育人实效为培养担当民族复兴大任的时代新人提供坚实支撑在新时代背景下推动教育高质量发展需要持续完善体系机制加强协同育人强化实践导向深化改革创新构建全方位全过程育人格局切实提升育人实效为培养担当民族复兴大任的时代新人提供坚实支撑在新时代背景下推动教育高质量发展需要持续完善体系机制加强协同育人强化实践导向深化改革创新构建全方位全过程育人格局切实提升育人实效为培养担当民族复兴大任的时代新人提供坚实支撑在新时代背景下推动教育高质量发展需要持续完善体系机制加强协同育人强化实践导向深化改革创新构建全方位全过程育人格局切实提升育人实效为培养担当民族复兴大任的时代新人提供坚实支撑
在新时代背景下推动教育高质量发展需要持续完善体系机制加强协同育人强化实践导向深化改革创新构建全方位全过程育人格局切实提升育人实效为培养担当民族复兴大任的时代新人提供坚实支撑在新时代背景下推动教育高质量发展需要持续完善体系机制加强协同育人强化实践导向深化改革创新构建全方位全过程育人格局切实提升育人实效为培养担当民族复兴大任的时代新人提供坚实支撑在新时代背景下推动教育高质量发展需要持续完善体系机制加强协同育人强化实践导向深化改革创新构建全方位全过程育人格局切实提升育人实效为培养担当民族复兴大任的时代新人提供坚实支撑在新时代背景下推动教育高质量发展需要持续完善体系机制加强协同育人强化实践导向深化改革创新构建全方位全过程育人格局切实提升育人实效为培养担当民族复兴大任的时代新人提供坚实支撑在新时代背景下推动教育高质量发展需要持续完善体系机制加强协同育人强化实践导向深化改革创新构建全方位全过程育人格局切实提升育人实效为培养担当民族复兴大任的时代新人提供坚实支撑在新时代背景下推动教育高质量发展需要持续完善体系机制加强协同育人强化实践导向深化改革创新构建全方位全过程育人格局切实提升育人实效为培养担当民族复兴大任的时代新人提供坚实支撑在新时代背景下推动教育高质量发展需要持续完善体系机制加强协同育人强化实践导向深化改革创新构建全方位全过程育人格局切实提升育人实效为培养担当民族复兴大任的时代新人提供坚实支撑在新时代背景下推动教育高质量发展需要持续完善体系机制加强协同育人强化实践导向深化改革创新构建全方位全过程育人格局切实提升育人实效为培养担当民族复兴大任的时代新人提供坚实支撑在新时代背景下推动教育高质量发展需要持续完善体系机制加强协同育人强化实践导向深化改革创新构建全方位全过程育人格局切实提升育人实效为培养担当民族复兴大任的时代新人提供坚实支撑在新时代背景下推动教育高质量发展需要持续完善体系机制加强协同育人强化实践导向深化改革创新构建全方位全过程育人格局切实提升育人实效为培养担当民族复兴大任的时代新人提供坚实支撑
在新时代背景下推动教育高质量发展需要持续完善体系机制加强协同育人强化实践导向深化改革创新构建全方位全过程育人格局切实提升育人实效为培养担当民族复兴大任的时代新人提供坚实支撑在新时代背景下推动教育高质量发展需要持续完善体系机制加强协同育人强化实践导向深化改革创新构建全方位全过程育人格局切实提升育人实效为培养担当民族复兴大任的时代新人提供坚实支撑在新时代背景下推动教育高质量发展需要持续完善体系机制加强协同育人强化实践导向深化改革创新构建全方位全过程育人格局切实提升育人实效为培养担当民族复兴大任的时代新人提供坚实支撑在新时代背景下推动教育高质量发展需要持续完善体系机制加强协同育人强化实践导向深化改革创新构建全方位全过程育人格局切实提升育人实效为培养担当民族复兴大任的时代新人提供坚实支撑在新时代背景下推动教育高质量发展需要持续完善体系机制加强协同育人强化实践导向深化改革创新构建全方位全过程育人格局切实提升育人实效为培养担当民族复兴大任的时代新人提供坚实支撑在新时代背景下推动教育高质量发展需要持续完善体系机制加强协同育人强化实践导向深化改革创新构建全方位全过程育人格局切实提升育人实效为培养担当民族复兴大任的时代新人提供坚实支撑在新时代背景下推动教育高质量发展需要持续完善体系机制加强协同育人强化实践导向深化改革创新构建全方位全过程育人格局切实提升育人实效为培养担当民族复兴大任的时代新人提供坚实支撑在新时代背景下推动教育高质量发展需要持续完善体系机制加强协同育人强化实践导向深化改革创新构建全方位全过程育人格局切实提升育人实效为培养担当民族复兴大任的时代新人提供坚实支撑在新时代背景下推动教育高质量发展需要持续完善体系机制加强协同育人强化实践导向深化改革创新构建全方位全过程育人格局切实提升育人实效为培养担当民族复兴大任的时代新人提供坚实支撑在新时代背景下推动教育高质量发展需要持续完善体系机制加强协同育人强化实践导向深化改革创新构建全方位全过程育人格局切实提升育人实效为培养担当民族复兴大任的时代新人提供坚实支撑
创新载体形式，提升育人实效
在新时代背景下推动教育高质量发展需要持续完善体系机制加强协同育人强化实践导向深化改革创新构建全方位全过程育人格局切实提升育人实效为培养担当民族复兴大任的时代新人提供坚实支撑在新时代背景下推动教育高质量发展需要持续完善体系机制加强协同育人强化实践导向深化改革创新构建全方位全过程育人格局切实提升育人实效为培养担当民族复兴大任的时代新人提供坚实支撑在新时代背景下推动教育高质量发展需要持续完善体系机制加强协同育人强化实践导向深化改革创新构建全方位全过程育人格局切实提升育人实效为培养担当民族复兴大任的时代新人提供坚实支撑在新时代背景下推动教育高质量发展需要持续完善体系机制加强协同育人强化实践导向深化改革创新构建全方位全过程育人格局切实提升育人实效为培养担当民族复兴大任的时代新人提供坚实支撑在新时代背景下推动教育高质量发展需要持续完善体系机制加强协同育人强化实践导向深化改革创新构建全方位全过程育人格局切实提升育人实效为培养担当民族复兴大任的时代新人提供坚实支撑在新时代背景下推动教育高质量发展需要持续完善体系机制加强协同育人强化实践导向深化改革创新构建全方位全过程育人格局切实提升育人实效为培养担当民族复兴大任的时代新人提供坚实支撑在新时代背景下推动教育高质量发展需要持续完善体系机制加强协同育人强化实践导向深化改革创新构建全方位全过程育人格局切实提升育人实效为培养担当民族复兴大任的时代新人提供坚实支撑在新时代背景下推动教育高质量发展需要持续完善体系机制加强协同育人强化实践导向深化改革创新构建全方位全过程育人格局切实提升育人实效为培养担当民族复兴大任的时代新人提供坚实支撑在新时代背景下推动教育高质量发展需要持续完善体系机制加强协同育人强化实践导向深化改革创新构建全方位全过程育人格局切实提升育人实效为培养担当民族复兴大任的时代新人提供坚实支撑在新时代背景下推动教育高质量发展需要持续完善体系机制加强协同育人强化实践导向深化改革创新构建全方位全过程育人格局切实提升育人实效为培养担当民族复兴大任的时代新人提供坚实支撑

（作者单位：南通师范高等专科学校）
